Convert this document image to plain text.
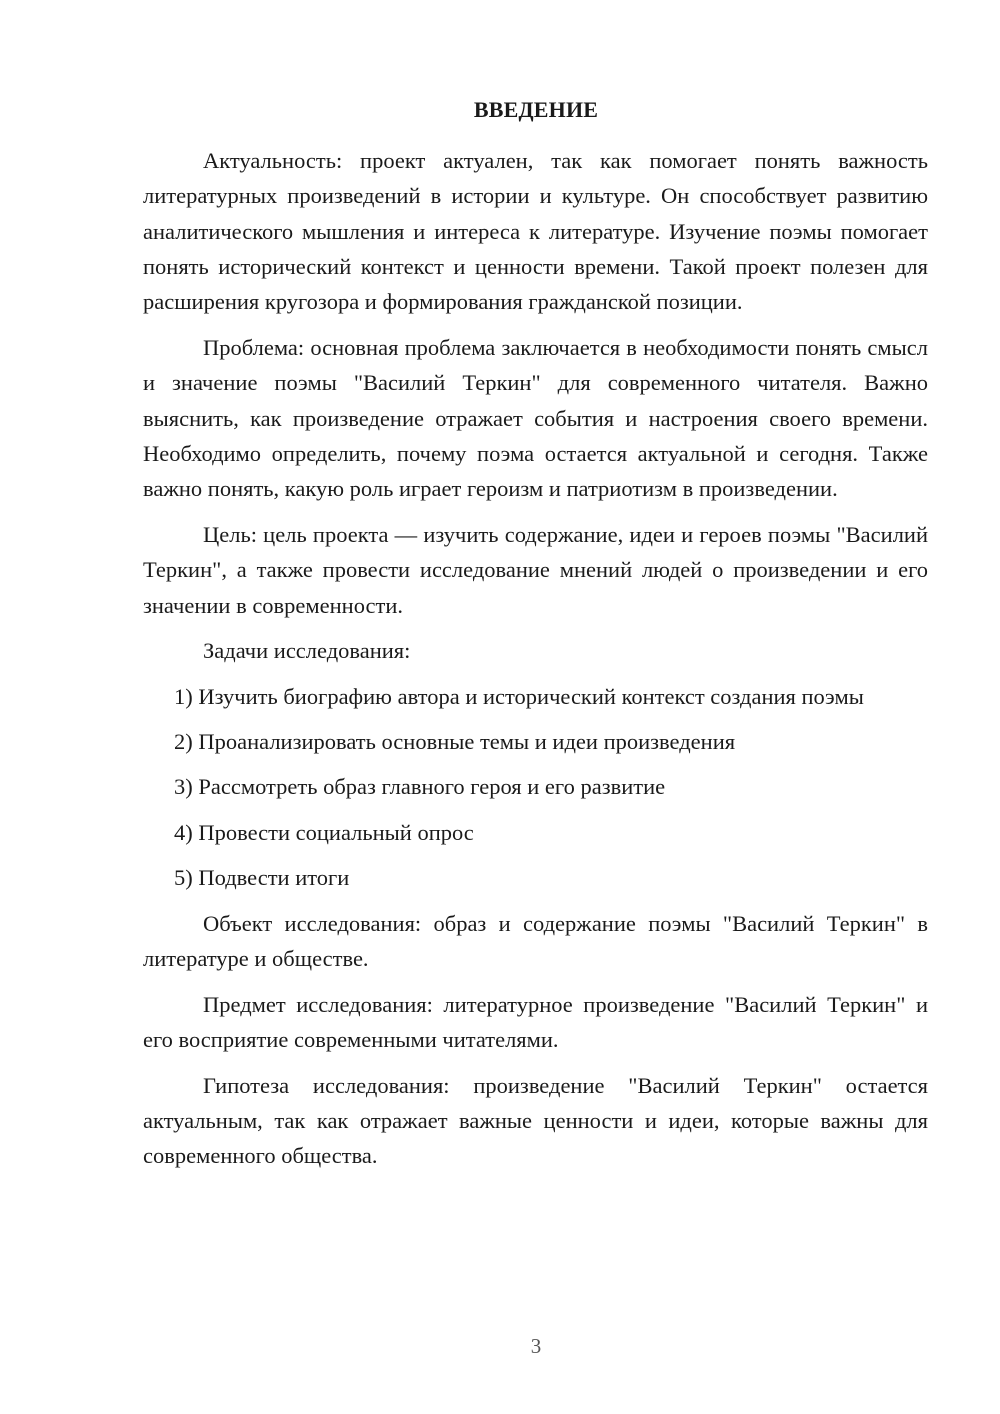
ВВЕДЕНИЕ

Актуальность: проект актуален, так как помогает понять важность литературных произведений в истории и культуре. Он способствует развитию аналитического мышления и интереса к литературе. Изучение поэмы помогает понять исторический контекст и ценности времени. Такой проект полезен для расширения кругозора и формирования гражданской позиции.

Проблема: основная проблема заключается в необходимости понять смысл и значение поэмы "Василий Теркин" для современного читателя. Важно выяснить, как произведение отражает события и настроения своего времени. Необходимо определить, почему поэма остается актуальной и сегодня. Также важно понять, какую роль играет героизм и патриотизм в произведении.

Цель: цель проекта — изучить содержание, идеи и героев поэмы "Василий Теркин", а также провести исследование мнений людей о произведении и его значении в современности.

Задачи исследования:

1) Изучить биографию автора и исторический контекст создания поэмы

2) Проанализировать основные темы и идеи произведения

3) Рассмотреть образ главного героя и его развитие

4) Провести социальный опрос

5) Подвести итоги

Объект исследования: образ и содержание поэмы "Василий Теркин" в литературе и обществе.

Предмет исследования: литературное произведение "Василий Теркин" и его восприятие современными читателями.

Гипотеза исследования: произведение "Василий Теркин" остается актуальным, так как отражает важные ценности и идеи, которые важны для современного общества.

3
